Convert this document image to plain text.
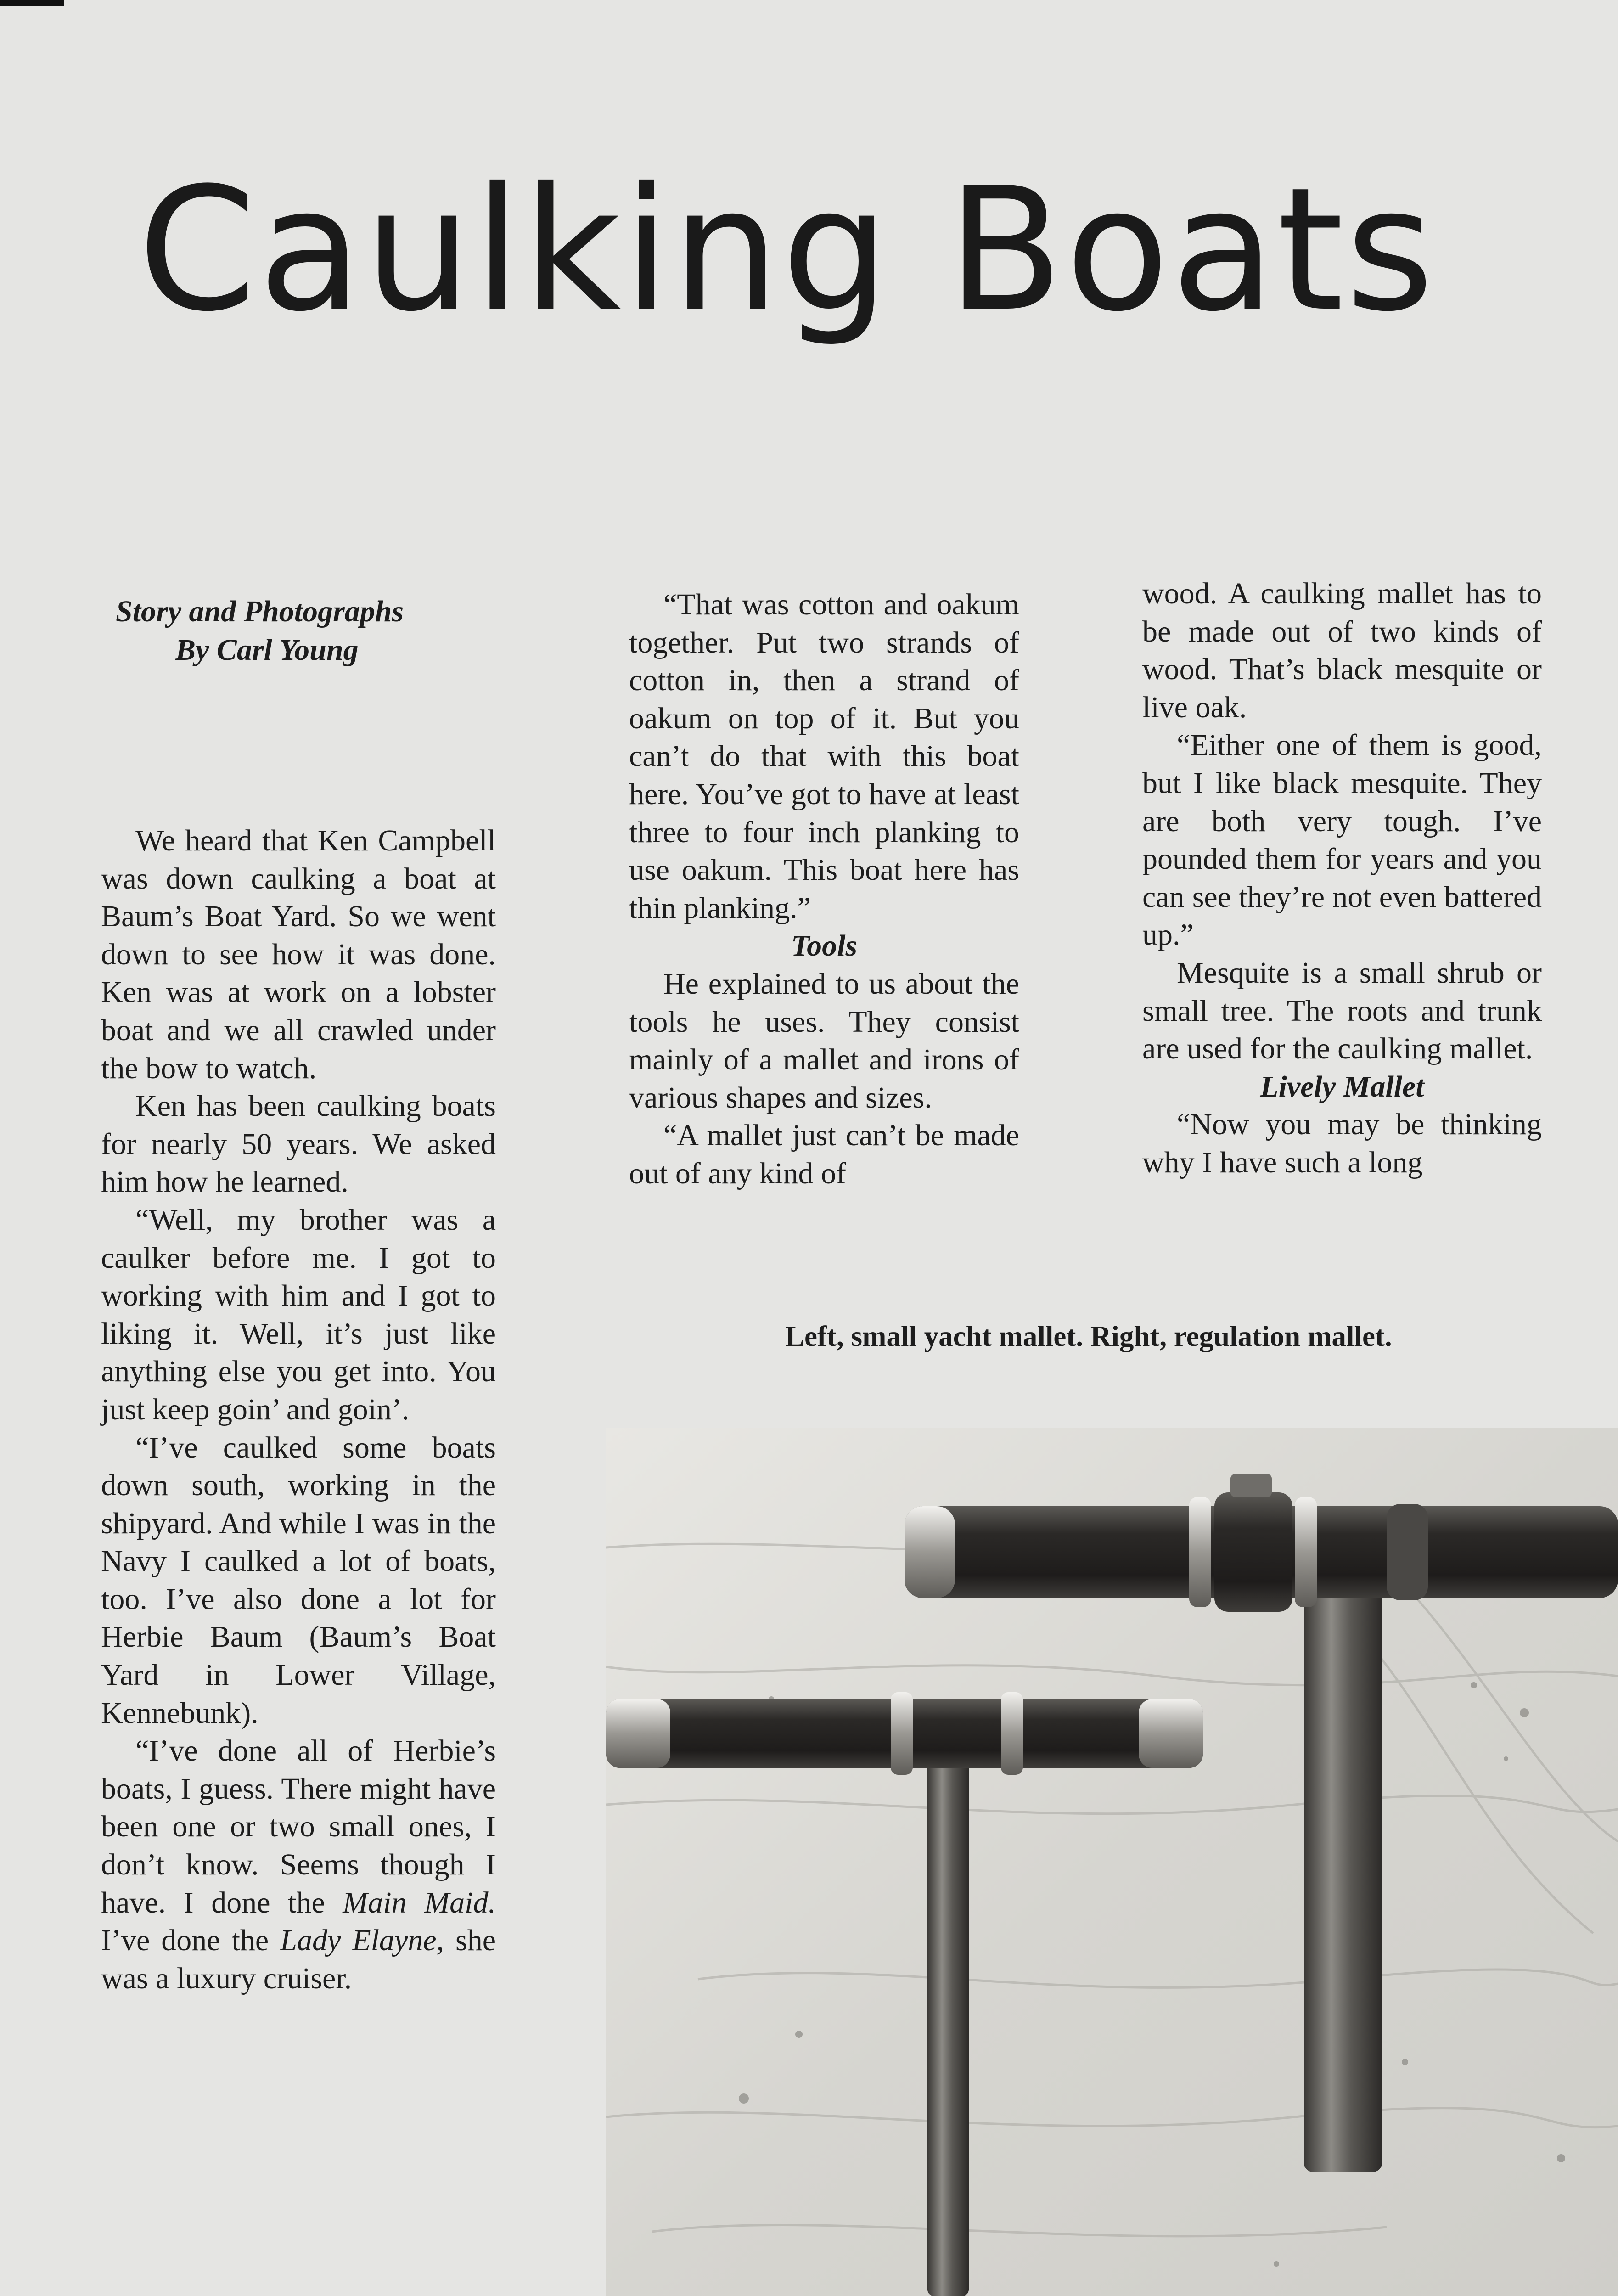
Caulking Boats
Story and Photographs
By Carl Young

We heard that Ken Campbell was down caulking a boat at Baum’s Boat Yard. So we went down to see how it was done. Ken was at work on a lobster boat and we all crawled under the bow to watch.

Ken has been caulking boats for nearly 50 years. We asked him how he learned.

“Well, my brother was a caulker before me. I got to working with him and I got to liking it. Well, it’s just like anything else you get into. You just keep goin’ and goin’.

“I’ve caulked some boats down south, working in the shipyard. And while I was in the Navy I caulked a lot of boats, too. I’ve also done a lot for Herbie Baum (Baum’s Boat Yard in Lower Village, Kennebunk).

“I’ve done all of Herbie’s boats, I guess. There might have been one or two small ones, I don’t know. Seems though I have. I done the Main Maid. I’ve done the Lady Elayne, she was a luxury cruiser.

“That was cotton and oakum together. Put two strands of cotton in, then a strand of oakum on top of it. But you can’t do that with this boat here. You’ve got to have at least three to four inch planking to use oakum. This boat here has thin planking.”

Tools

He explained to us about the tools he uses. They consist mainly of a mallet and irons of various shapes and sizes.

“A mallet just can’t be made out of any kind of

wood. A caulking mallet has to be made out of two kinds of wood. That’s black mesquite or live oak.

“Either one of them is good, but I like black mesquite. They are both very tough. I’ve pounded them for years and you can see they’re not even battered up.”

Mesquite is a small shrub or small tree. The roots and trunk are used for the caulking mallet.

Lively Mallet

“Now you may be thinking why I have such a long

Left, small yacht mallet. Right, regulation mallet.
